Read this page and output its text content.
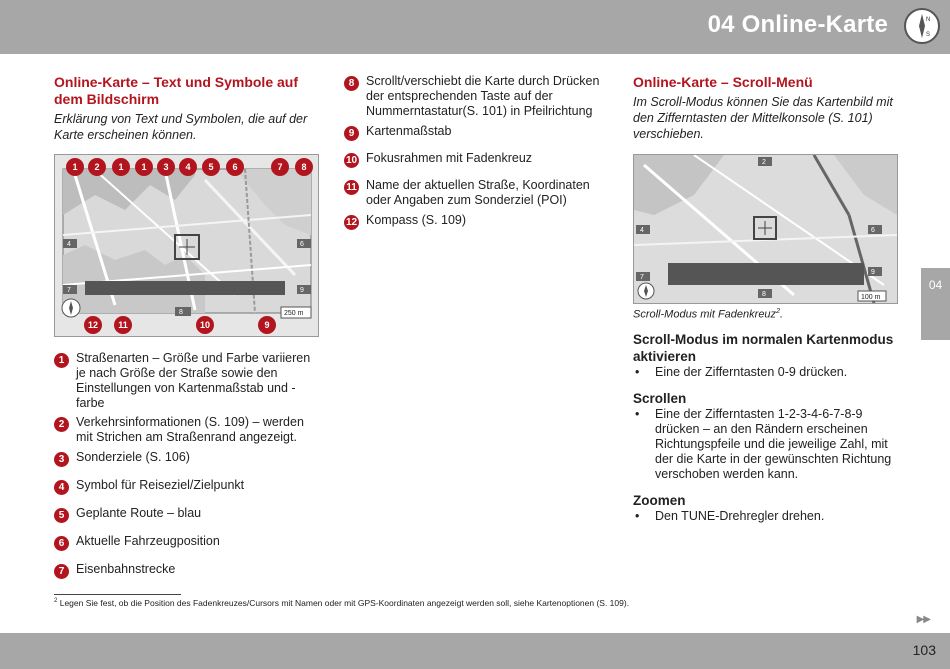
04 Online-Karte	N
S
04
Online-Karte – Text und Symbole auf dem Bildschirm
Erklärung von Text und Symbolen, die auf der Karte erscheinen können.
250 m
4
7
6
8
9
1 2 1 1 3 4 5 6	7 8
12 11	10	9
1 Straßenarten – Größe und Farbe variieren je nach Größe der Straße sowie den Einstellungen von Kartenmaßstab und -farbe
2 Verkehrsinformationen (S. 109) – werden mit Strichen am Straßenrand angezeigt.
3 Sonderziele (S. 106)
4 Symbol für Reiseziel/Zielpunkt
5 Geplante Route – blau
6 Aktuelle Fahrzeugposition
7 Eisenbahnstrecke
8 Scrollt/verschiebt die Karte durch Drücken der entsprechenden Taste auf der Nummerntastatur(S. 101) in Pfeilrichtung
9 Kartenmaßstab
10 Fokusrahmen mit Fadenkreuz
11 Name der aktuellen Straße, Koordinaten oder Angaben zum Sonderziel (POI)
12 Kompass (S. 109)
Online-Karte – Scroll-Menü
Im Scroll-Modus können Sie das Kartenbild mit den Zifferntasten der Mittelkonsole (S. 101) verschieben.
100 m
2
4	6
7
9
8
Scroll-Modus mit Fadenkreuz$^2$.
Scroll-Modus im normalen Kartenmodus aktivieren
•	Eine der Zifferntasten 0-9 drücken.
Scrollen
•	Eine der Zifferntasten 1-2-3-4-6-7-8-9 drücken – an den Rändern erscheinen Richtungspfeile und die jeweilige Zahl, mit der die Karte in der gewünschten Richtung verschoben werden kann.
Zoomen
•	Den TUNE-Drehregler drehen.
$^2$ Legen Sie fest, ob die Position des Fadenkreuzes/Cursors mit Namen oder mit GPS-Koordinaten angezeigt werden soll, siehe Kartenoptionen (S. 109).
▶▶
103
